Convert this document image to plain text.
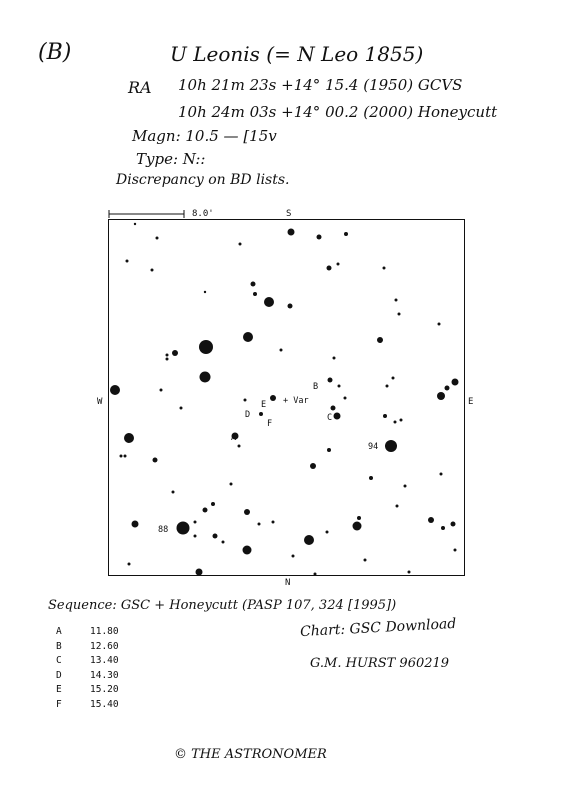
(B)	U Leonis (= N Leo 1855)
RA 10h 21m 23s +14° 15.4 (1950) GCVS
10h 24m 03s +14° 00.2 (2000) Honeycutt
Magn: 10.5 — [15v
Type: N::
Discrepancy on BD lists.
8.0'	S
N
W	E
+ Var
A
B
C
D
E
F
94
88
Sequence: GSC + Honeycutt (PASP 107, 324 [1995])
A	11.80
B	12.60
C	13.40
D	14.30
E	15.20
F	15.40
Chart: GSC Download
G.M. HURST 960219
© THE ASTRONOMER
